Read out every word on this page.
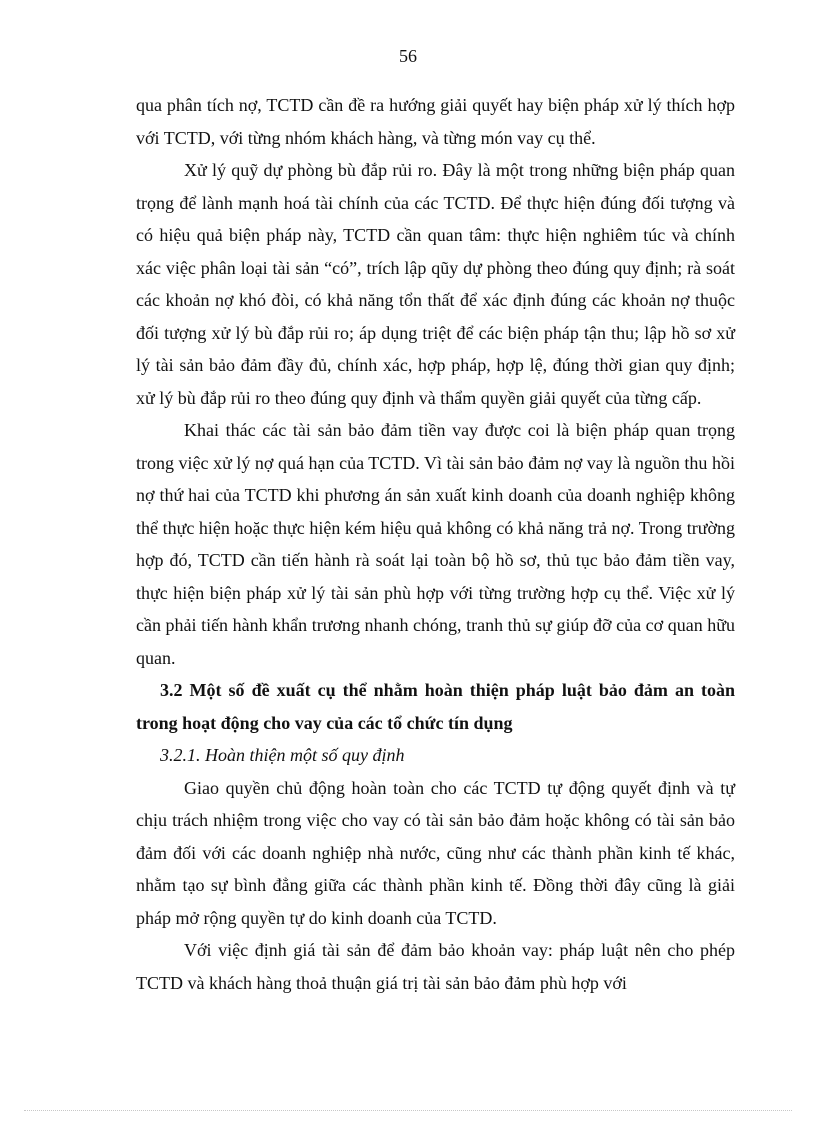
56

qua phân tích nợ, TCTD cần đề ra hướng giải quyết hay biện pháp xử lý thích hợp với TCTD, với từng nhóm khách hàng, và từng món vay cụ thể.

Xử lý quỹ dự phòng bù đắp rủi ro. Đây là một trong những biện pháp quan trọng để lành mạnh hoá tài chính của các TCTD. Để thực hiện đúng đối tượng và có hiệu quả biện pháp này, TCTD cần quan tâm: thực hiện nghiêm túc và chính xác việc phân loại tài sản “có”, trích lập qũy dự phòng theo đúng quy định; rà soát các khoản nợ khó đòi, có khả năng tổn thất để xác định đúng các khoản nợ thuộc đối tượng xử lý bù đắp rủi ro; áp dụng triệt để các biện pháp tận thu; lập hồ sơ xử lý tài sản bảo đảm đầy đủ, chính xác, hợp pháp, hợp lệ, đúng thời gian quy định; xử lý bù đắp rủi ro theo đúng quy định và thẩm quyền giải quyết của từng cấp.

Khai thác các tài sản bảo đảm tiền vay được coi là biện pháp quan trọng trong việc xử lý nợ quá hạn của TCTD. Vì tài sản bảo đảm nợ vay là nguồn thu hồi nợ thứ hai của TCTD khi phương án sản xuất kinh doanh của doanh nghiệp không thể thực hiện hoặc thực hiện kém hiệu quả không có khả năng trả nợ. Trong trường hợp đó, TCTD cần tiến hành rà soát lại toàn bộ hồ sơ, thủ tục bảo đảm tiền vay, thực hiện biện pháp xử lý tài sản phù hợp với từng trường hợp cụ thể. Việc xử lý cần phải tiến hành khẩn trương nhanh chóng, tranh thủ sự giúp đỡ của cơ quan hữu quan.

3.2 Một số đề xuất cụ thể nhằm hoàn thiện pháp luật bảo đảm an toàn trong hoạt động cho vay của các tổ chức tín dụng

3.2.1. Hoàn thiện một số quy định

Giao quyền chủ động hoàn toàn cho các TCTD tự động quyết định và tự chịu trách nhiệm trong việc cho vay có tài sản bảo đảm hoặc không có tài sản bảo đảm đối với các doanh nghiệp nhà nước, cũng như các thành phần kinh tế khác, nhằm tạo sự bình đẳng giữa các thành phần kinh tế. Đồng thời đây cũng là giải pháp mở rộng quyền tự do kinh doanh của TCTD.

Với việc định giá tài sản để đảm bảo khoản vay: pháp luật nên cho phép TCTD và khách hàng thoả thuận giá trị tài sản bảo đảm phù hợp với
